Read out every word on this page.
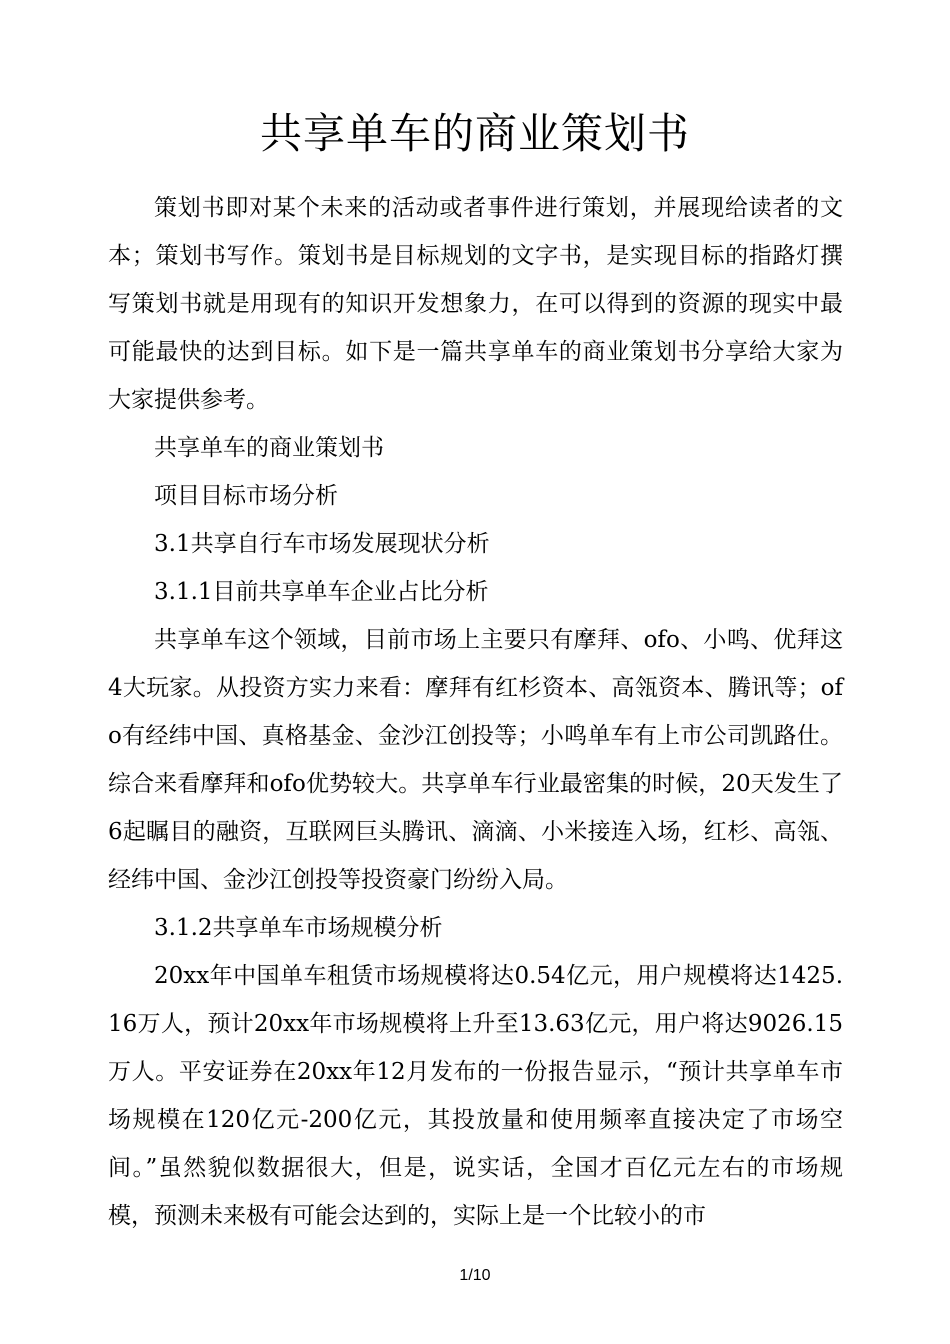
共享单车的商业策划书

策划书即对某个未来的活动或者事件进行策划，并展现给读者的文本；策划书写作。策划书是目标规划的文字书，是实现目标的指路灯撰写策划书就是用现有的知识开发想象力，在可以得到的资源的现实中最可能最快的达到目标。如下是一篇共享单车的商业策划书分享给大家为大家提供参考。

共享单车的商业策划书

项目目标市场分析

3.1共享自行车市场发展现状分析

3.1.1目前共享单车企业占比分析

共享单车这个领域，目前市场上主要只有摩拜、ofo、小鸣、优拜这4大玩家。从投资方实力来看：摩拜有红杉资本、高瓴资本、腾讯等；ofo有经纬中国、真格基金、金沙江创投等；小鸣单车有上市公司凯路仕。综合来看摩拜和ofo优势较大。共享单车行业最密集的时候，20天发生了6起瞩目的融资，互联网巨头腾讯、滴滴、小米接连入场，红杉、高瓴、经纬中国、金沙江创投等投资豪门纷纷入局。

3.1.2共享单车市场规模分析

20xx年中国单车租赁市场规模将达0.54亿元，用户规模将达1425.16万人，预计20xx年市场规模将上升至13.63亿元，用户将达9026.15万人。平安证券在20xx年12月发布的一份报告显示，“预计共享单车市场规模在120亿元-200亿元，其投放量和使用频率直接决定了市场空间。”虽然貌似数据很大，但是，说实话，全国才百亿元左右的市场规模，预测未来极有可能会达到的，实际上是一个比较小的市

1/10
